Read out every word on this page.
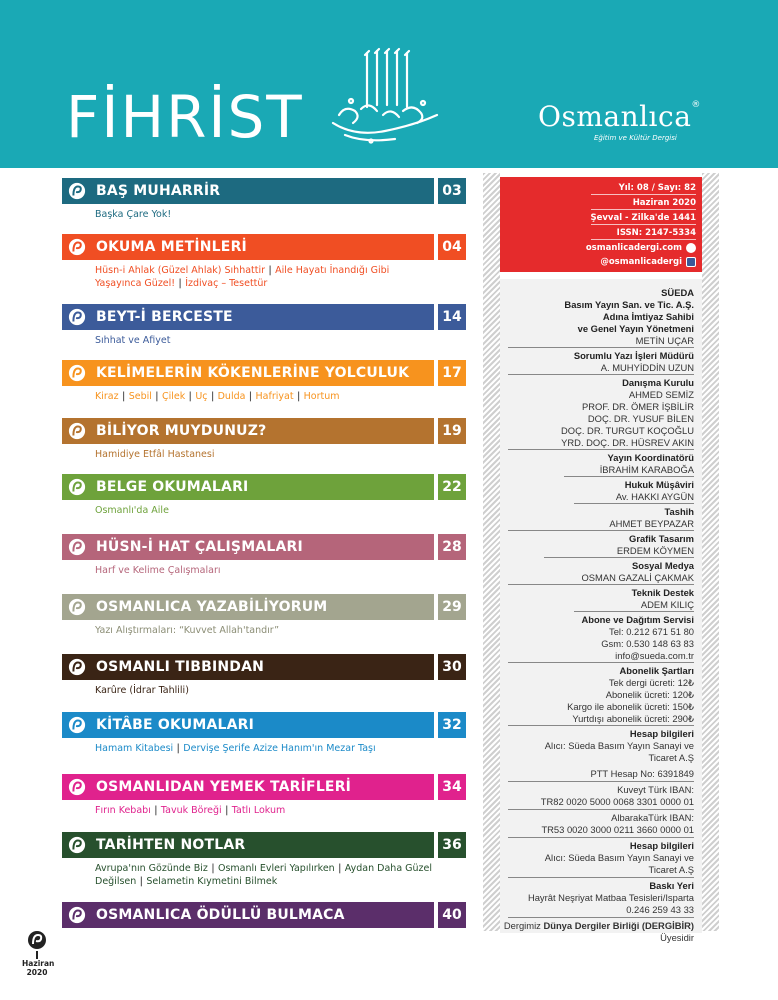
FİHRİST	Osmanlıca®
Eğitim ve Kültür Dergisi
BAŞ MUHARRİR	03
Başka Çare Yok!
OKUMA METİNLERİ	04
Hüsn-i Ahlak (Güzel Ahlak) Sıhhattir | Aile Hayatı İnandığı Gibi Yaşayınca Güzel! | İzdivaç – Tesettür
BEYT-İ BERCESTE	14
Sıhhat ve Afiyet
KELİMELERİN KÖKENLERİNE YOLCULUK	17
Kiraz | Sebil | Çilek | Uç | Dulda | Hafriyat | Hortum
BİLİYOR MUYDUNUZ?	19
Hamidiye Etfâl Hastanesi
BELGE OKUMALARI	22
Osmanlı'da Aile
HÜSN-İ HAT ÇALIŞMALARI	28
Harf ve Kelime Çalışmaları
OSMANLICA YAZABİLİYORUM	29
Yazı Alıştırmaları: “Kuvvet Allah'tandır”
OSMANLI TIBBINDAN	30
Karûre (İdrar Tahlili)
KİTÂBE OKUMALARI	32
Hamam Kitabesi | Dervişe Şerife Azize Hanım'ın Mezar Taşı
OSMANLIDAN YEMEK TARİFLERİ	34
Fırın Kebabı | Tavuk Böreği | Tatlı Lokum
TARİHTEN NOTLAR	36
Avrupa'nın Gözünde Biz | Osmanlı Evleri Yapılırken | Aydan Daha Güzel Değilsen | Selametin Kıymetini Bilmek
OSMANLICA ÖDÜLLÜ BULMACA	40
Yıl: 08 / Sayı: 82
Haziran 2020
Şevval - Zilka'de 1441
ISSN: 2147-5334
osmanlicadergi.com
@osmanlicadergi
SÜEDA
Basım Yayın San. ve Tic. A.Ş.
Adına İmtiyaz Sahibi
ve Genel Yayın Yönetmeni
METİN UÇAR
Sorumlu Yazı İşleri Müdürü
A. MUHYİDDİN UZUN
Danışma Kurulu
AHMED SEMİZ
PROF. DR. ÖMER İŞBİLİR
DOÇ. DR. YUSUF BİLEN
DOÇ. DR. TURGUT KOÇOĞLU
YRD. DOÇ. DR. HÜSREV AKIN
Yayın Koordinatörü
İBRAHİM KARABOĞA
Hukuk Müşâviri
Av. HAKKI AYGÜN
Tashih
AHMET BEYPAZAR
Grafik Tasarım
ERDEM KÖYMEN
Sosyal Medya
OSMAN GAZALİ ÇAKMAK
Teknik Destek
ADEM KILIÇ
Abone ve Dağıtım Servisi
Tel: 0.212 671 51 80
Gsm: 0.530 148 63 83
info@sueda.com.tr
Abonelik Şartları
Tek dergi ücreti: 12₺
Abonelik ücreti: 120₺
Kargo ile abonelik ücreti: 150₺
Yurtdışı abonelik ücreti: 290₺
Hesap bilgileri
Alıcı: Süeda Basım Yayın Sanayi ve
Ticaret A.Ş
PTT Hesap No: 6391849
Kuveyt Türk IBAN:
TR82 0020 5000 0068 3301 0000 01
AlbarakaTürk IBAN:
TR53 0020 3000 0211 3660 0000 01
Hesap bilgileri
Alıcı: Süeda Basım Yayın Sanayi ve
Ticaret A.Ş
Baskı Yeri
Hayrât Neşriyat Matbaa Tesisleri/Isparta
0.246 259 43 33
Dergimiz Dünya Dergiler Birliği (DERGİBİR)
Üyesidir
Haziran
2020
